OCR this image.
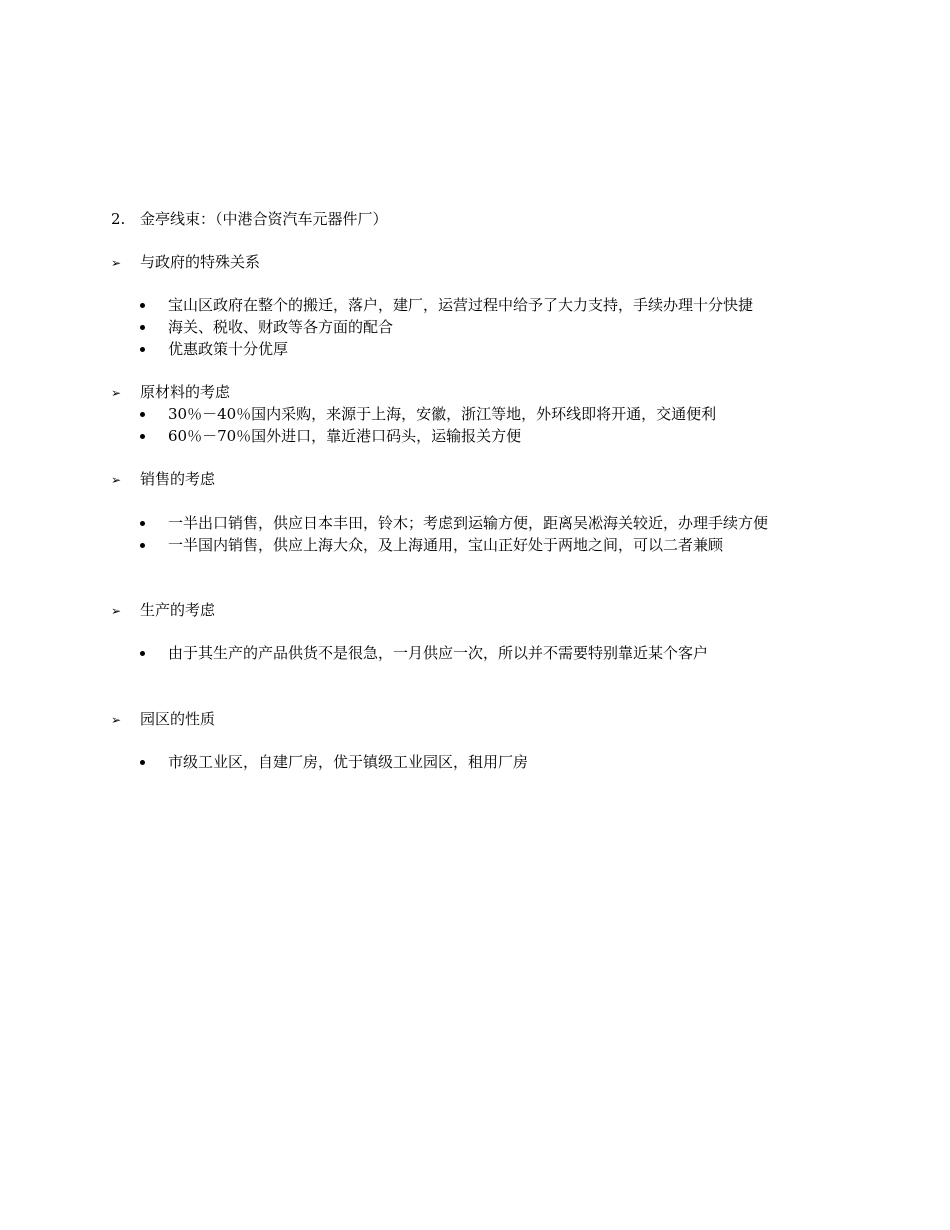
2. 金亭线束：（中港合资汽车元器件厂）
➢ 与政府的特殊关系
宝山区政府在整个的搬迁，落户，建厂，运营过程中给予了大力支持，手续办理十分快捷
海关、税收、财政等各方面的配合
优惠政策十分优厚
➢ 原材料的考虑
30％－40％国内采购，来源于上海，安徽，浙江等地，外环线即将开通，交通便利
60％－70％国外进口，靠近港口码头，运输报关方便
➢ 销售的考虑
一半出口销售，供应日本丰田，铃木；考虑到运输方便，距离吴凇海关较近，办理手续方便
一半国内销售，供应上海大众，及上海通用，宝山正好处于两地之间，可以二者兼顾
➢ 生产的考虑
由于其生产的产品供货不是很急，一月供应一次，所以并不需要特别靠近某个客户
➢ 园区的性质
市级工业区，自建厂房，优于镇级工业园区，租用厂房
